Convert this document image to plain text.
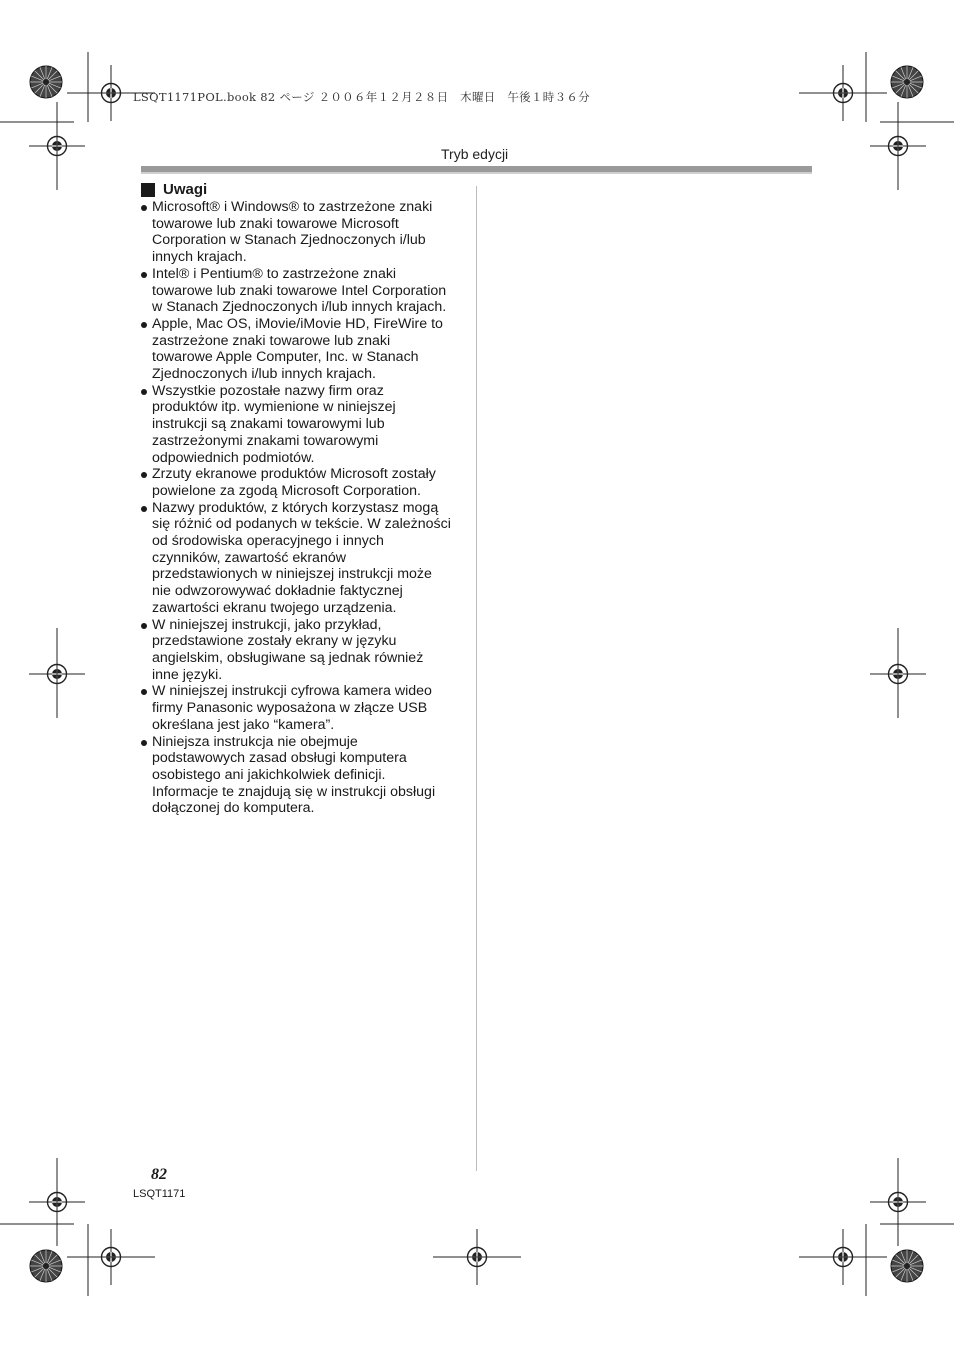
LSQT1171POL.book 82 ページ ２００６年１２月２８日　木曜日　午後１時３６分
Tryb edycji
Uwagi
Microsoft® i Windows® to zastrzeżone znaki
towarowe lub znaki towarowe Microsoft
Corporation w Stanach Zjednoczonych i/lub
innych krajach.
Intel® i Pentium® to zastrzeżone znaki
towarowe lub znaki towarowe Intel Corporation
w Stanach Zjednoczonych i/lub innych krajach.
Apple, Mac OS, iMovie/iMovie HD, FireWire to
zastrzeżone znaki towarowe lub znaki
towarowe Apple Computer, Inc. w Stanach
Zjednoczonych i/lub innych krajach.
Wszystkie pozostałe nazwy firm oraz
produktów itp. wymienione w niniejszej
instrukcji są znakami towarowymi lub
zastrzeżonymi znakami towarowymi
odpowiednich podmiotów.
Zrzuty ekranowe produktów Microsoft zostały
powielone za zgodą Microsoft Corporation.
Nazwy produktów, z których korzystasz mogą
się różnić od podanych w tekście. W zależności
od środowiska operacyjnego i innych
czynników, zawartość ekranów
przedstawionych w niniejszej instrukcji może
nie odwzorowywać dokładnie faktycznej
zawartości ekranu twojego urządzenia.
W niniejszej instrukcji, jako przykład,
przedstawione zostały ekrany w języku
angielskim, obsługiwane są jednak również
inne języki.
W niniejszej instrukcji cyfrowa kamera wideo
firmy Panasonic wyposażona w złącze USB
określana jest jako “kamera”.
Niniejsza instrukcja nie obejmuje
podstawowych zasad obsługi komputera
osobistego ani jakichkolwiek definicji.
Informacje te znajdują się w instrukcji obsługi
dołączonej do komputera.
82
LSQT1171
